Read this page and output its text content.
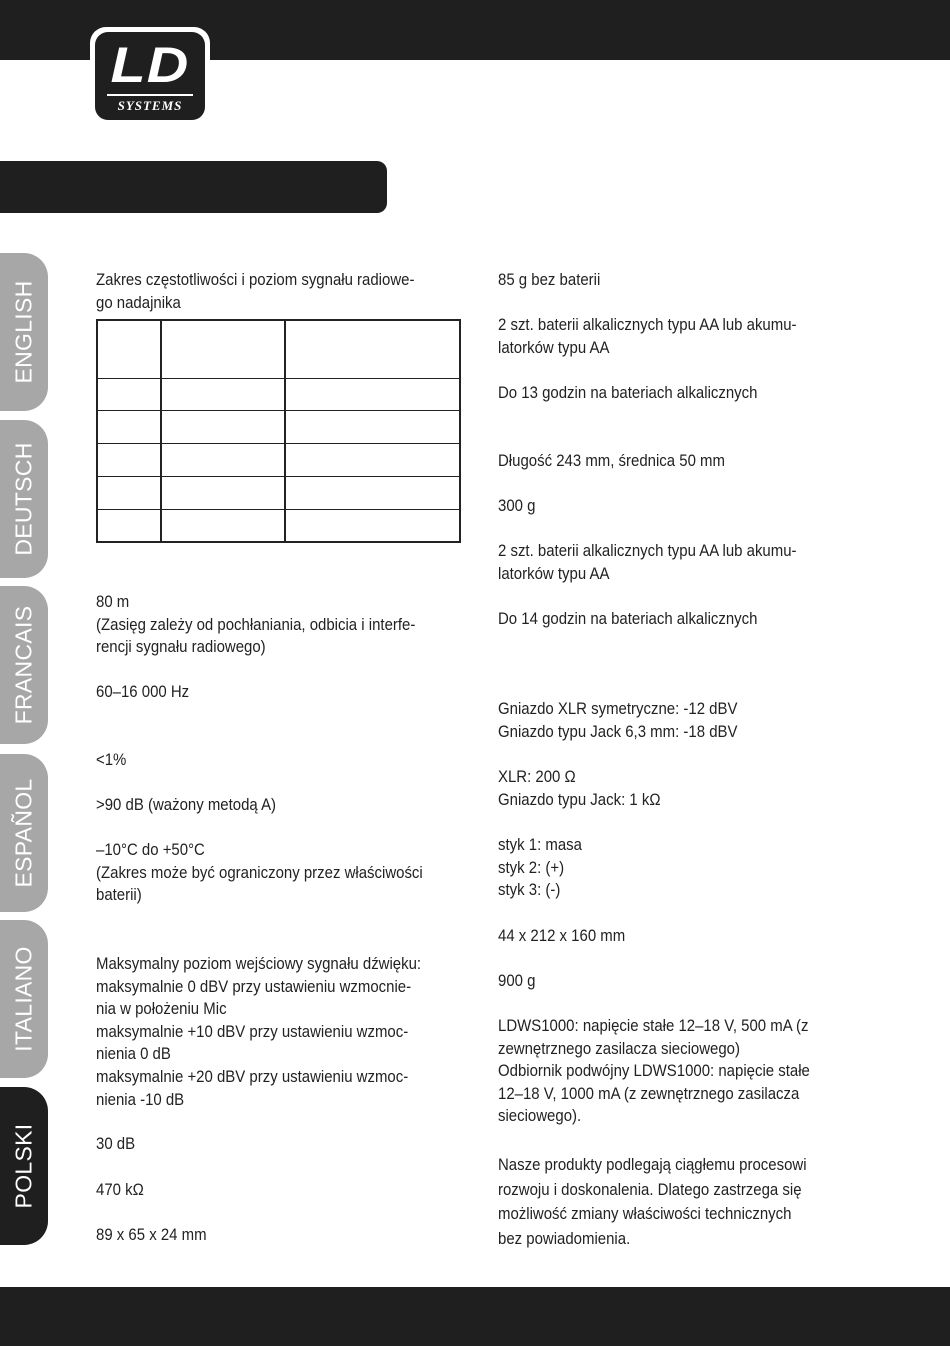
LD
SYSTEMS
ENGLISH
DEUTSCH
FRANCAIS
ESPAÑOL
ITALIANO
POLSKI
Zakres częstotliwości i poziom sygnału radiowe-
go nadajnika
80 m
(Zasięg zależy od pochłaniania, odbicia i interfe-
rencji sygnału radiowego)
60–16 000 Hz
<1%
>90 dB (ważony metodą A)
–10°C do +50°C
(Zakres może być ograniczony przez właściwości
baterii)
Maksymalny poziom wejściowy sygnału dźwięku:
maksymalnie 0 dBV przy ustawieniu wzmocnie-
nia w położeniu Mic
maksymalnie +10 dBV przy ustawieniu wzmoc-
nienia 0 dB
maksymalnie +20 dBV przy ustawieniu wzmoc-
nienia -10 dB
30 dB
470 kΩ
89 x 65 x 24 mm

85 g bez baterii
2 szt. baterii alkalicznych typu AA lub akumu-
latorków typu AA
Do 13 godzin na bateriach alkalicznych
Długość 243 mm, średnica 50 mm
300 g
2 szt. baterii alkalicznych typu AA lub akumu-
latorków typu AA
Do 14 godzin na bateriach alkalicznych
Gniazdo XLR symetryczne: -12 dBV
Gniazdo typu Jack 6,3 mm: -18 dBV
XLR: 200 Ω
Gniazdo typu Jack: 1 kΩ
styk 1: masa
styk 2: (+)
styk 3: (-)
44 x 212 x 160 mm
900 g
LDWS1000: napięcie stałe 12–18 V, 500 mA (z
zewnętrznego zasilacza sieciowego)
Odbiornik podwójny LDWS1000: napięcie stałe
12–18 V, 1000 mA (z zewnętrznego zasilacza
sieciowego).
Nasze produkty podlegają ciągłemu procesowi
rozwoju i doskonalenia. Dlatego zastrzega się
możliwość zmiany właściwości technicznych
bez powiadomienia.
